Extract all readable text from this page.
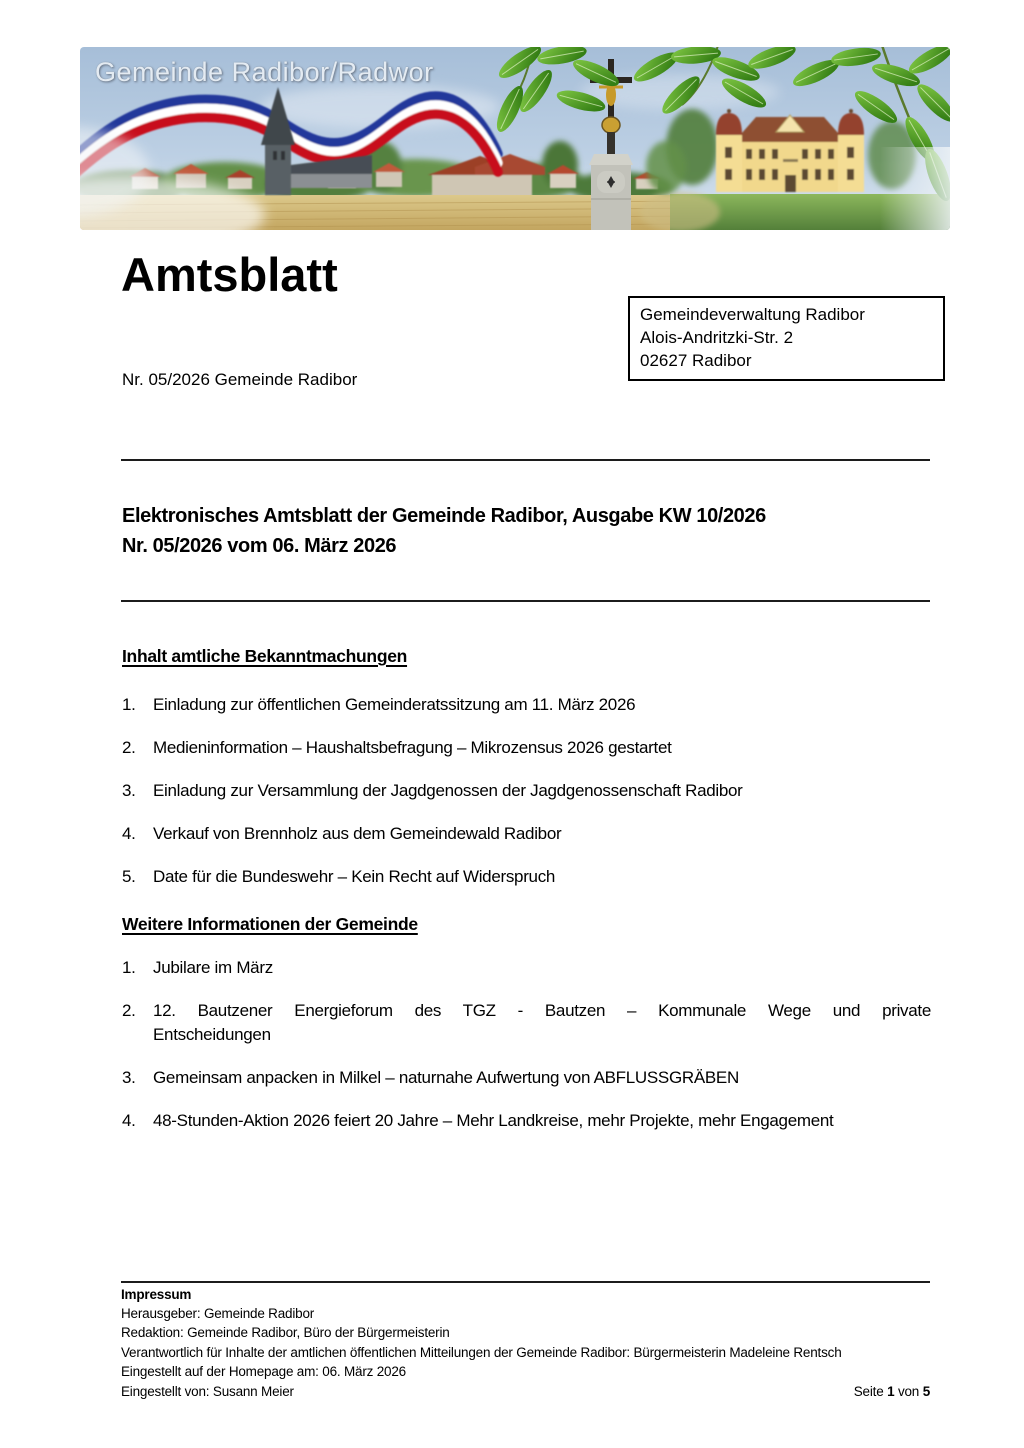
Gemeinde Radibor/Radwor
Amtsblatt
Gemeindeverwaltung Radibor
Alois-Andritzki-Str. 2
02627 Radibor
Nr. 05/2026 Gemeinde Radibor
Elektronisches Amtsblatt der Gemeinde Radibor, Ausgabe KW 10/2026
Nr. 05/2026 vom 06. März 2026
Inhalt amtliche Bekanntmachungen
1.	Einladung zur öffentlichen Gemeinderatssitzung am 11. März 2026
2.	Medieninformation – Haushaltsbefragung – Mikrozensus 2026 gestartet
3.	Einladung zur Versammlung der Jagdgenossen der Jagdgenossenschaft Radibor
4.	Verkauf von Brennholz aus dem Gemeindewald Radibor
5.	Date für die Bundeswehr – Kein Recht auf Widerspruch
Weitere Informationen der Gemeinde
1.	Jubilare im März
2.	12. Bautzener Energieforum des TGZ - Bautzen – Kommunale Wege und private
Entscheidungen
3.	Gemeinsam anpacken in Milkel – naturnahe Aufwertung von ABFLUSSGRÄBEN
4.	48-Stunden-Aktion 2026 feiert 20 Jahre – Mehr Landkreise, mehr Projekte, mehr Engagement
Impressum
Herausgeber: Gemeinde Radibor
Redaktion: Gemeinde Radibor, Büro der Bürgermeisterin
Verantwortlich für Inhalte der amtlichen öffentlichen Mitteilungen der Gemeinde Radibor: Bürgermeisterin Madeleine Rentsch
Eingestellt auf der Homepage am: 06. März 2026
Eingestellt von: Susann Meier	Seite 1 von 5
